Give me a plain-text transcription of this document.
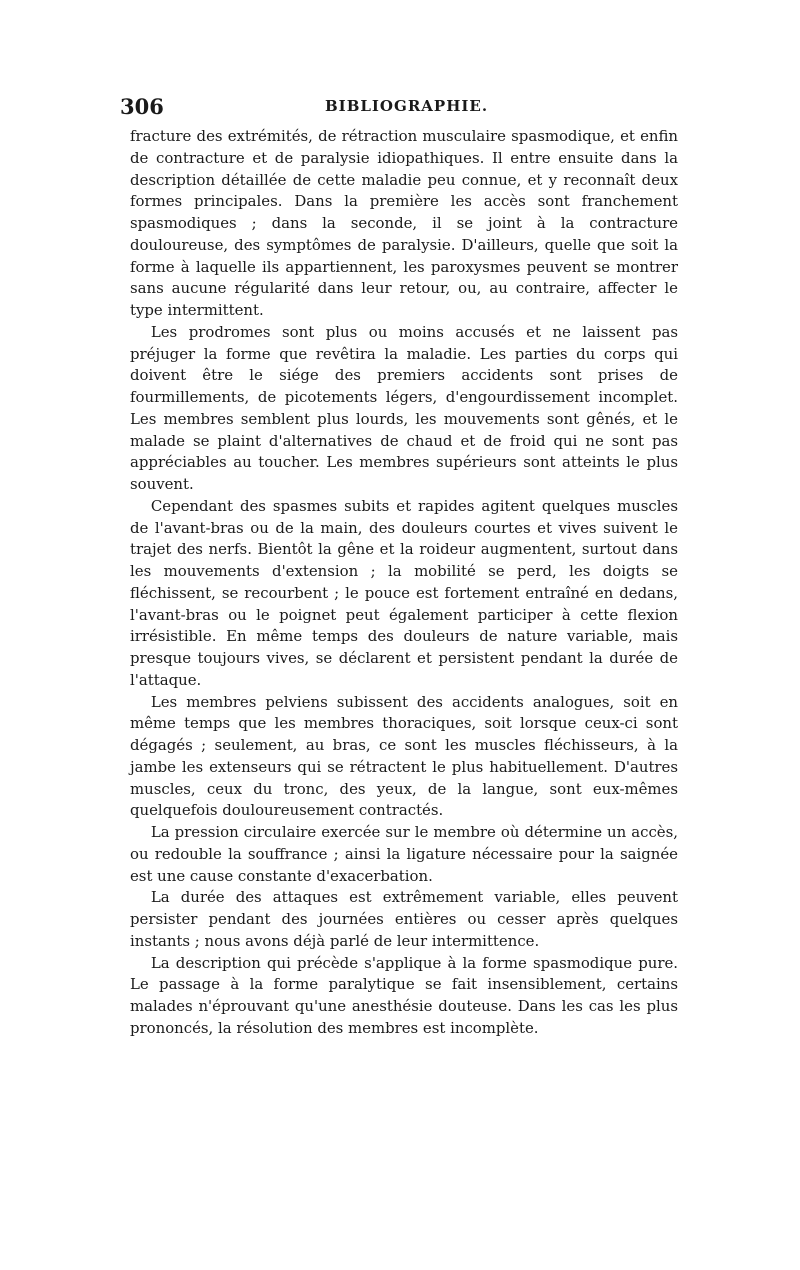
306	BIBLIOGRAPHIE.

fracture des extrémités, de rétraction musculaire spasmodique, et enfin de contracture et de paralysie idiopathiques. Il entre ensuite dans la description détaillée de cette maladie peu connue, et y reconnaît deux formes principales. Dans la première les accès sont franchement spasmodiques ; dans la seconde, il se joint à la contracture douloureuse, des symptômes de paralysie. D'ailleurs, quelle que soit la forme à laquelle ils appartiennent, les paroxysmes peuvent se montrer sans aucune régularité dans leur retour, ou, au contraire, affecter le type intermittent.

Les prodromes sont plus ou moins accusés et ne laissent pas préjuger la forme que revêtira la maladie. Les parties du corps qui doivent être le siége des premiers accidents sont prises de fourmillements, de picotements légers, d'engourdissement incomplet. Les membres semblent plus lourds, les mouvements sont gênés, et le malade se plaint d'alternatives de chaud et de froid qui ne sont pas appréciables au toucher. Les membres supérieurs sont atteints le plus souvent.

Cependant des spasmes subits et rapides agitent quelques muscles de l'avant-bras ou de la main, des douleurs courtes et vives suivent le trajet des nerfs. Bientôt la gêne et la roideur augmentent, surtout dans les mouvements d'extension ; la mobilité se perd, les doigts se fléchissent, se recourbent ; le pouce est fortement entraîné en dedans, l'avant-bras ou le poignet peut également participer à cette flexion irrésistible. En même temps des douleurs de nature variable, mais presque toujours vives, se déclarent et persistent pendant la durée de l'attaque.

Les membres pelviens subissent des accidents analogues, soit en même temps que les membres thoraciques, soit lorsque ceux-ci sont dégagés ; seulement, au bras, ce sont les muscles fléchisseurs, à la jambe les extenseurs qui se rétractent le plus habituellement. D'autres muscles, ceux du tronc, des yeux, de la langue, sont eux-mêmes quelquefois douloureusement contractés.

La pression circulaire exercée sur le membre où détermine un accès, ou redouble la souffrance ; ainsi la ligature nécessaire pour la saignée est une cause constante d'exacerbation.

La durée des attaques est extrêmement variable, elles peuvent persister pendant des journées entières ou cesser après quelques instants ; nous avons déjà parlé de leur intermittence.

La description qui précède s'applique à la forme spasmodique pure. Le passage à la forme paralytique se fait insensiblement, certains malades n'éprouvant qu'une anesthésie douteuse. Dans les cas les plus prononcés, la résolution des membres est incomplète.
